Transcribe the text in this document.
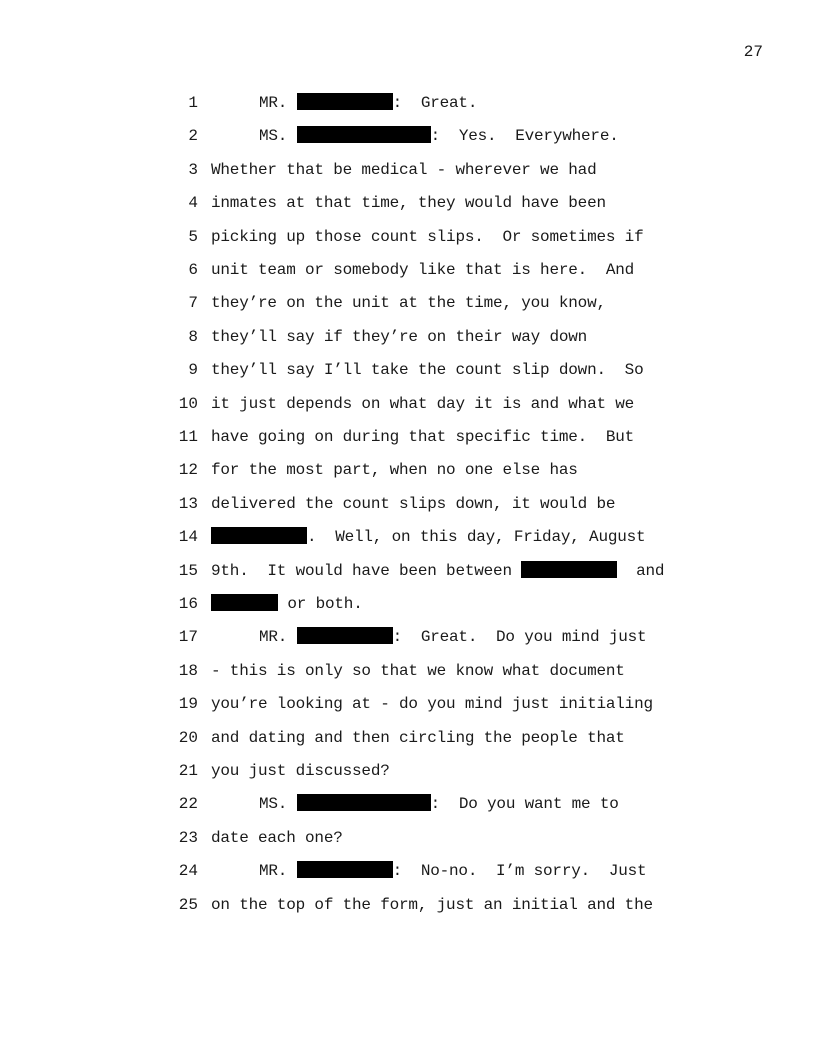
27
1	MR.	:  Great.
2	MS.	:  Yes.  Everywhere.
3 Whether that be medical - wherever we had
4 inmates at that time, they would have been
5 picking up those count slips.  Or sometimes if
6 unit team or somebody like that is here.  And
7 they’re on the unit at the time, you know,
8 they’ll say if they’re on their way down
9 they’ll say I’ll take the count slip down.  So
10 it just depends on what day it is and what we
11 have going on during that specific time.  But
12 for the most part, when no one else has
13 delivered the count slips down, it would be
14	.  Well, on this day, Friday, August
15 9th.  It would have been between	and
16	or both.
17	MR.	:  Great.  Do you mind just
18 - this is only so that we know what document
19 you’re looking at - do you mind just initialing
20 and dating and then circling the people that
21 you just discussed?
22	MS.	:  Do you want me to
23 date each one?
24	MR.	:  No-no.  I’m sorry.  Just
25 on the top of the form, just an initial and the
